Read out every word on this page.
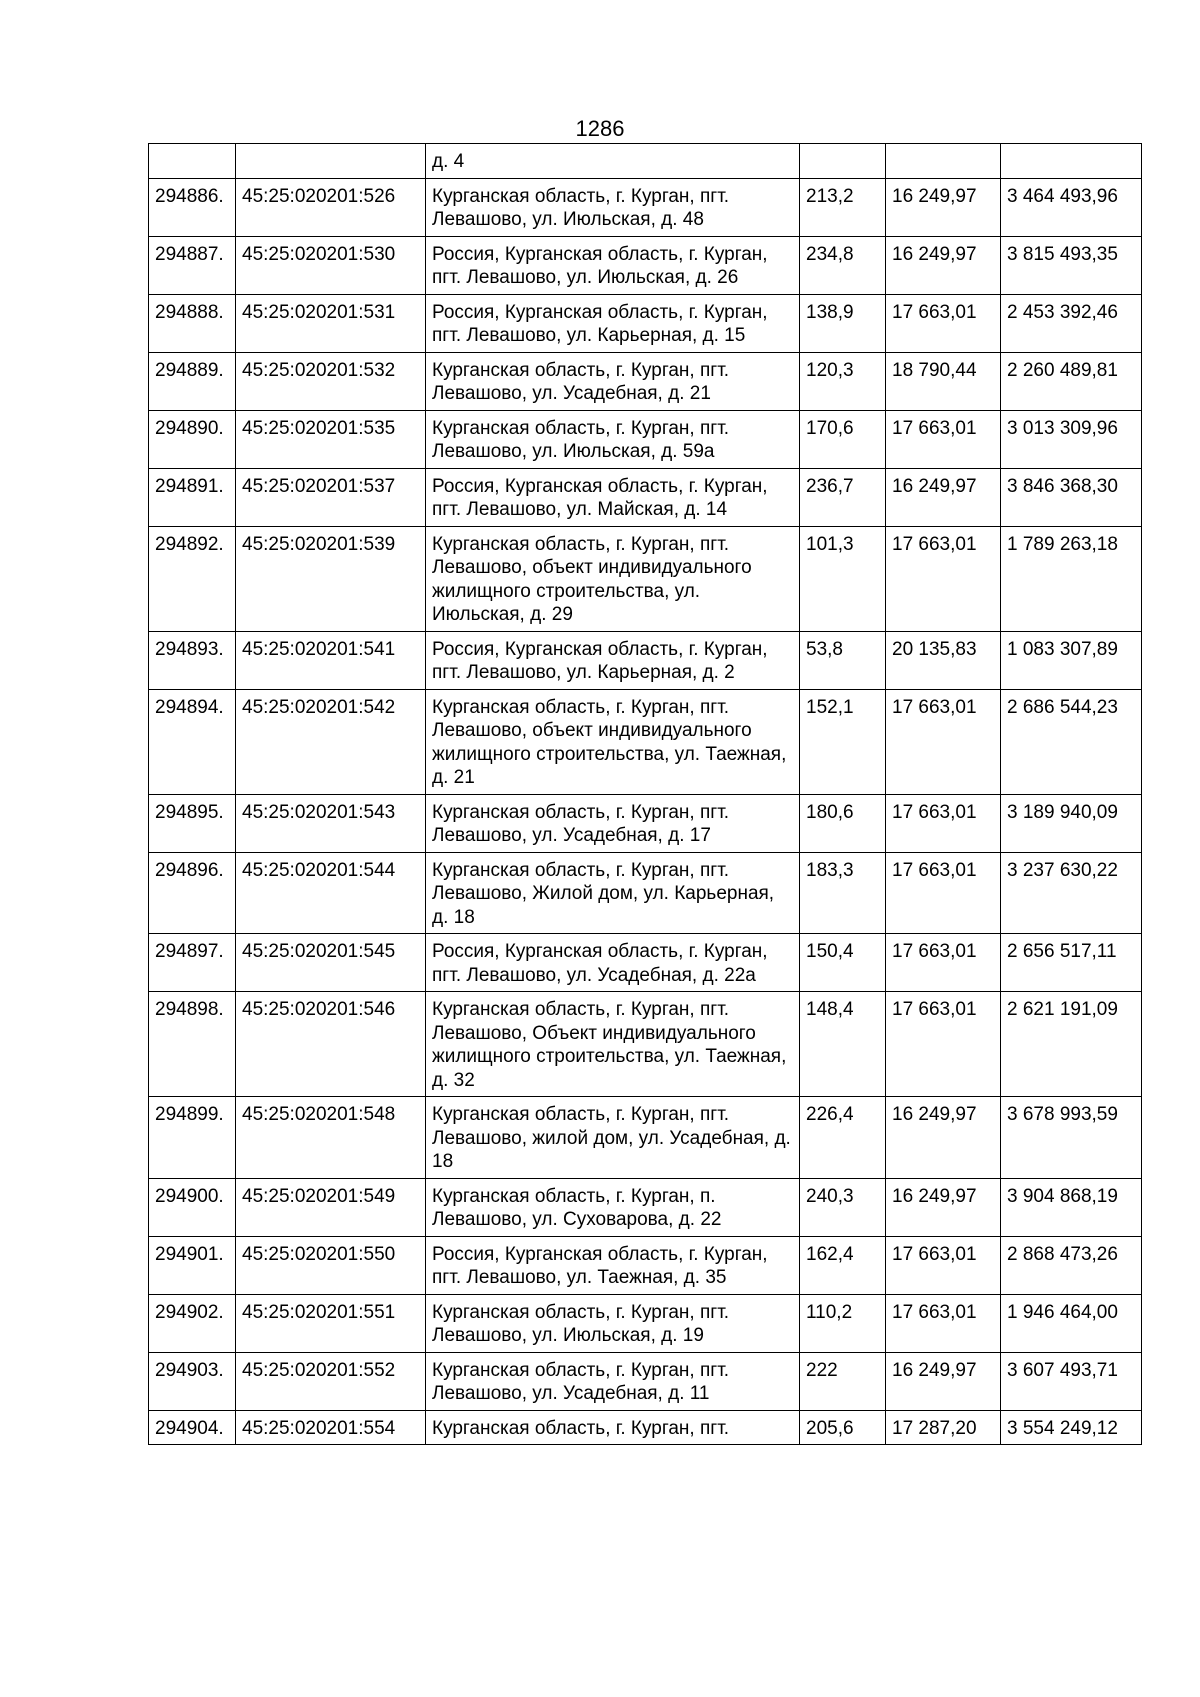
1286
		д. 4			
294886.	45:25:020201:526	Курганская область, г. Курган, пгт. Левашово, ул. Июльская, д. 48	213,2	16 249,97	3 464 493,96
294887.	45:25:020201:530	Россия, Курганская область, г. Курган, пгт. Левашово, ул. Июльская, д. 26	234,8	16 249,97	3 815 493,35
294888.	45:25:020201:531	Россия, Курганская область, г. Курган, пгт. Левашово, ул. Карьерная, д. 15	138,9	17 663,01	2 453 392,46
294889.	45:25:020201:532	Курганская область, г. Курган, пгт. Левашово, ул. Усадебная, д. 21	120,3	18 790,44	2 260 489,81
294890.	45:25:020201:535	Курганская область, г. Курган, пгт. Левашово, ул. Июльская, д. 59а	170,6	17 663,01	3 013 309,96
294891.	45:25:020201:537	Россия, Курганская область, г. Курган, пгт. Левашово, ул. Майская, д. 14	236,7	16 249,97	3 846 368,30
294892.	45:25:020201:539	Курганская область, г. Курган, пгт. Левашово, объект индивидуального жилищного строительства, ул. Июльская, д. 29	101,3	17 663,01	1 789 263,18
294893.	45:25:020201:541	Россия, Курганская область, г. Курган, пгт. Левашово, ул. Карьерная, д. 2	53,8	20 135,83	1 083 307,89
294894.	45:25:020201:542	Курганская область, г. Курган, пгт. Левашово, объект индивидуального жилищного строительства, ул. Таежная, д. 21	152,1	17 663,01	2 686 544,23
294895.	45:25:020201:543	Курганская область, г. Курган, пгт. Левашово, ул. Усадебная, д. 17	180,6	17 663,01	3 189 940,09
294896.	45:25:020201:544	Курганская область, г. Курган, пгт. Левашово, Жилой дом, ул. Карьерная, д. 18	183,3	17 663,01	3 237 630,22
294897.	45:25:020201:545	Россия, Курганская область, г. Курган, пгт. Левашово, ул. Усадебная, д. 22а	150,4	17 663,01	2 656 517,11
294898.	45:25:020201:546	Курганская область, г. Курган, пгт. Левашово, Объект индивидуального жилищного строительства, ул. Таежная, д. 32	148,4	17 663,01	2 621 191,09
294899.	45:25:020201:548	Курганская область, г. Курган, пгт. Левашово, жилой дом, ул. Усадебная, д. 18	226,4	16 249,97	3 678 993,59
294900.	45:25:020201:549	Курганская область, г. Курган, п. Левашово, ул. Суховарова, д. 22	240,3	16 249,97	3 904 868,19
294901.	45:25:020201:550	Россия, Курганская область, г. Курган, пгт. Левашово, ул. Таежная, д. 35	162,4	17 663,01	2 868 473,26
294902.	45:25:020201:551	Курганская область, г. Курган, пгт. Левашово, ул. Июльская, д. 19	110,2	17 663,01	1 946 464,00
294903.	45:25:020201:552	Курганская область, г. Курган, пгт. Левашово, ул. Усадебная, д. 11	222	16 249,97	3 607 493,71
294904.	45:25:020201:554	Курганская область, г. Курган, пгт.	205,6	17 287,20	3 554 249,12
